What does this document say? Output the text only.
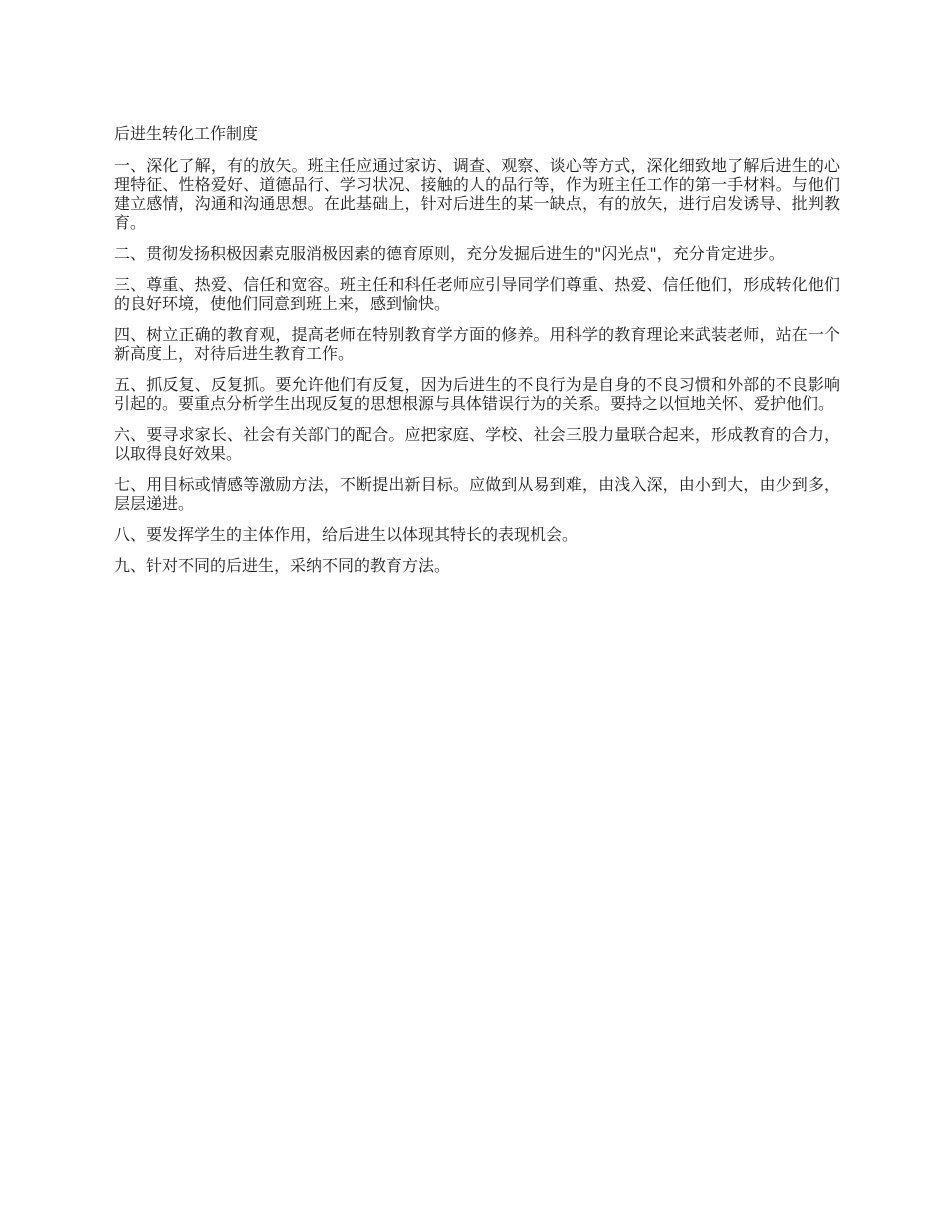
后进生转化工作制度

一、深化了解，有的放矢。班主任应通过家访、调查、观察、谈心等方式，深化细致地了解后进生的心理特征、性格爱好、道德品行、学习状况、接触的人的品行等，作为班主任工作的第一手材料。与他们建立感情，沟通和沟通思想。在此基础上，针对后进生的某一缺点，有的放矢，进行启发诱导、批判教育。

二、贯彻发扬积极因素克服消极因素的德育原则，充分发掘后进生的"闪光点"，充分肯定进步。

三、尊重、热爱、信任和宽容。班主任和科任老师应引导同学们尊重、热爱、信任他们，形成转化他们的良好环境，使他们同意到班上来，感到愉快。

四、树立正确的教育观，提高老师在特别教育学方面的修养。用科学的教育理论来武装老师，站在一个新高度上，对待后进生教育工作。

五、抓反复、反复抓。要允许他们有反复，因为后进生的不良行为是自身的不良习惯和外部的不良影响引起的。要重点分析学生出现反复的思想根源与具体错误行为的关系。要持之以恒地关怀、爱护他们。

六、要寻求家长、社会有关部门的配合。应把家庭、学校、社会三股力量联合起来，形成教育的合力，以取得良好效果。

七、用目标或情感等激励方法，不断提出新目标。应做到从易到难，由浅入深，由小到大，由少到多，层层递进。

八、要发挥学生的主体作用，给后进生以体现其特长的表现机会。

九、针对不同的后进生，采纳不同的教育方法。
